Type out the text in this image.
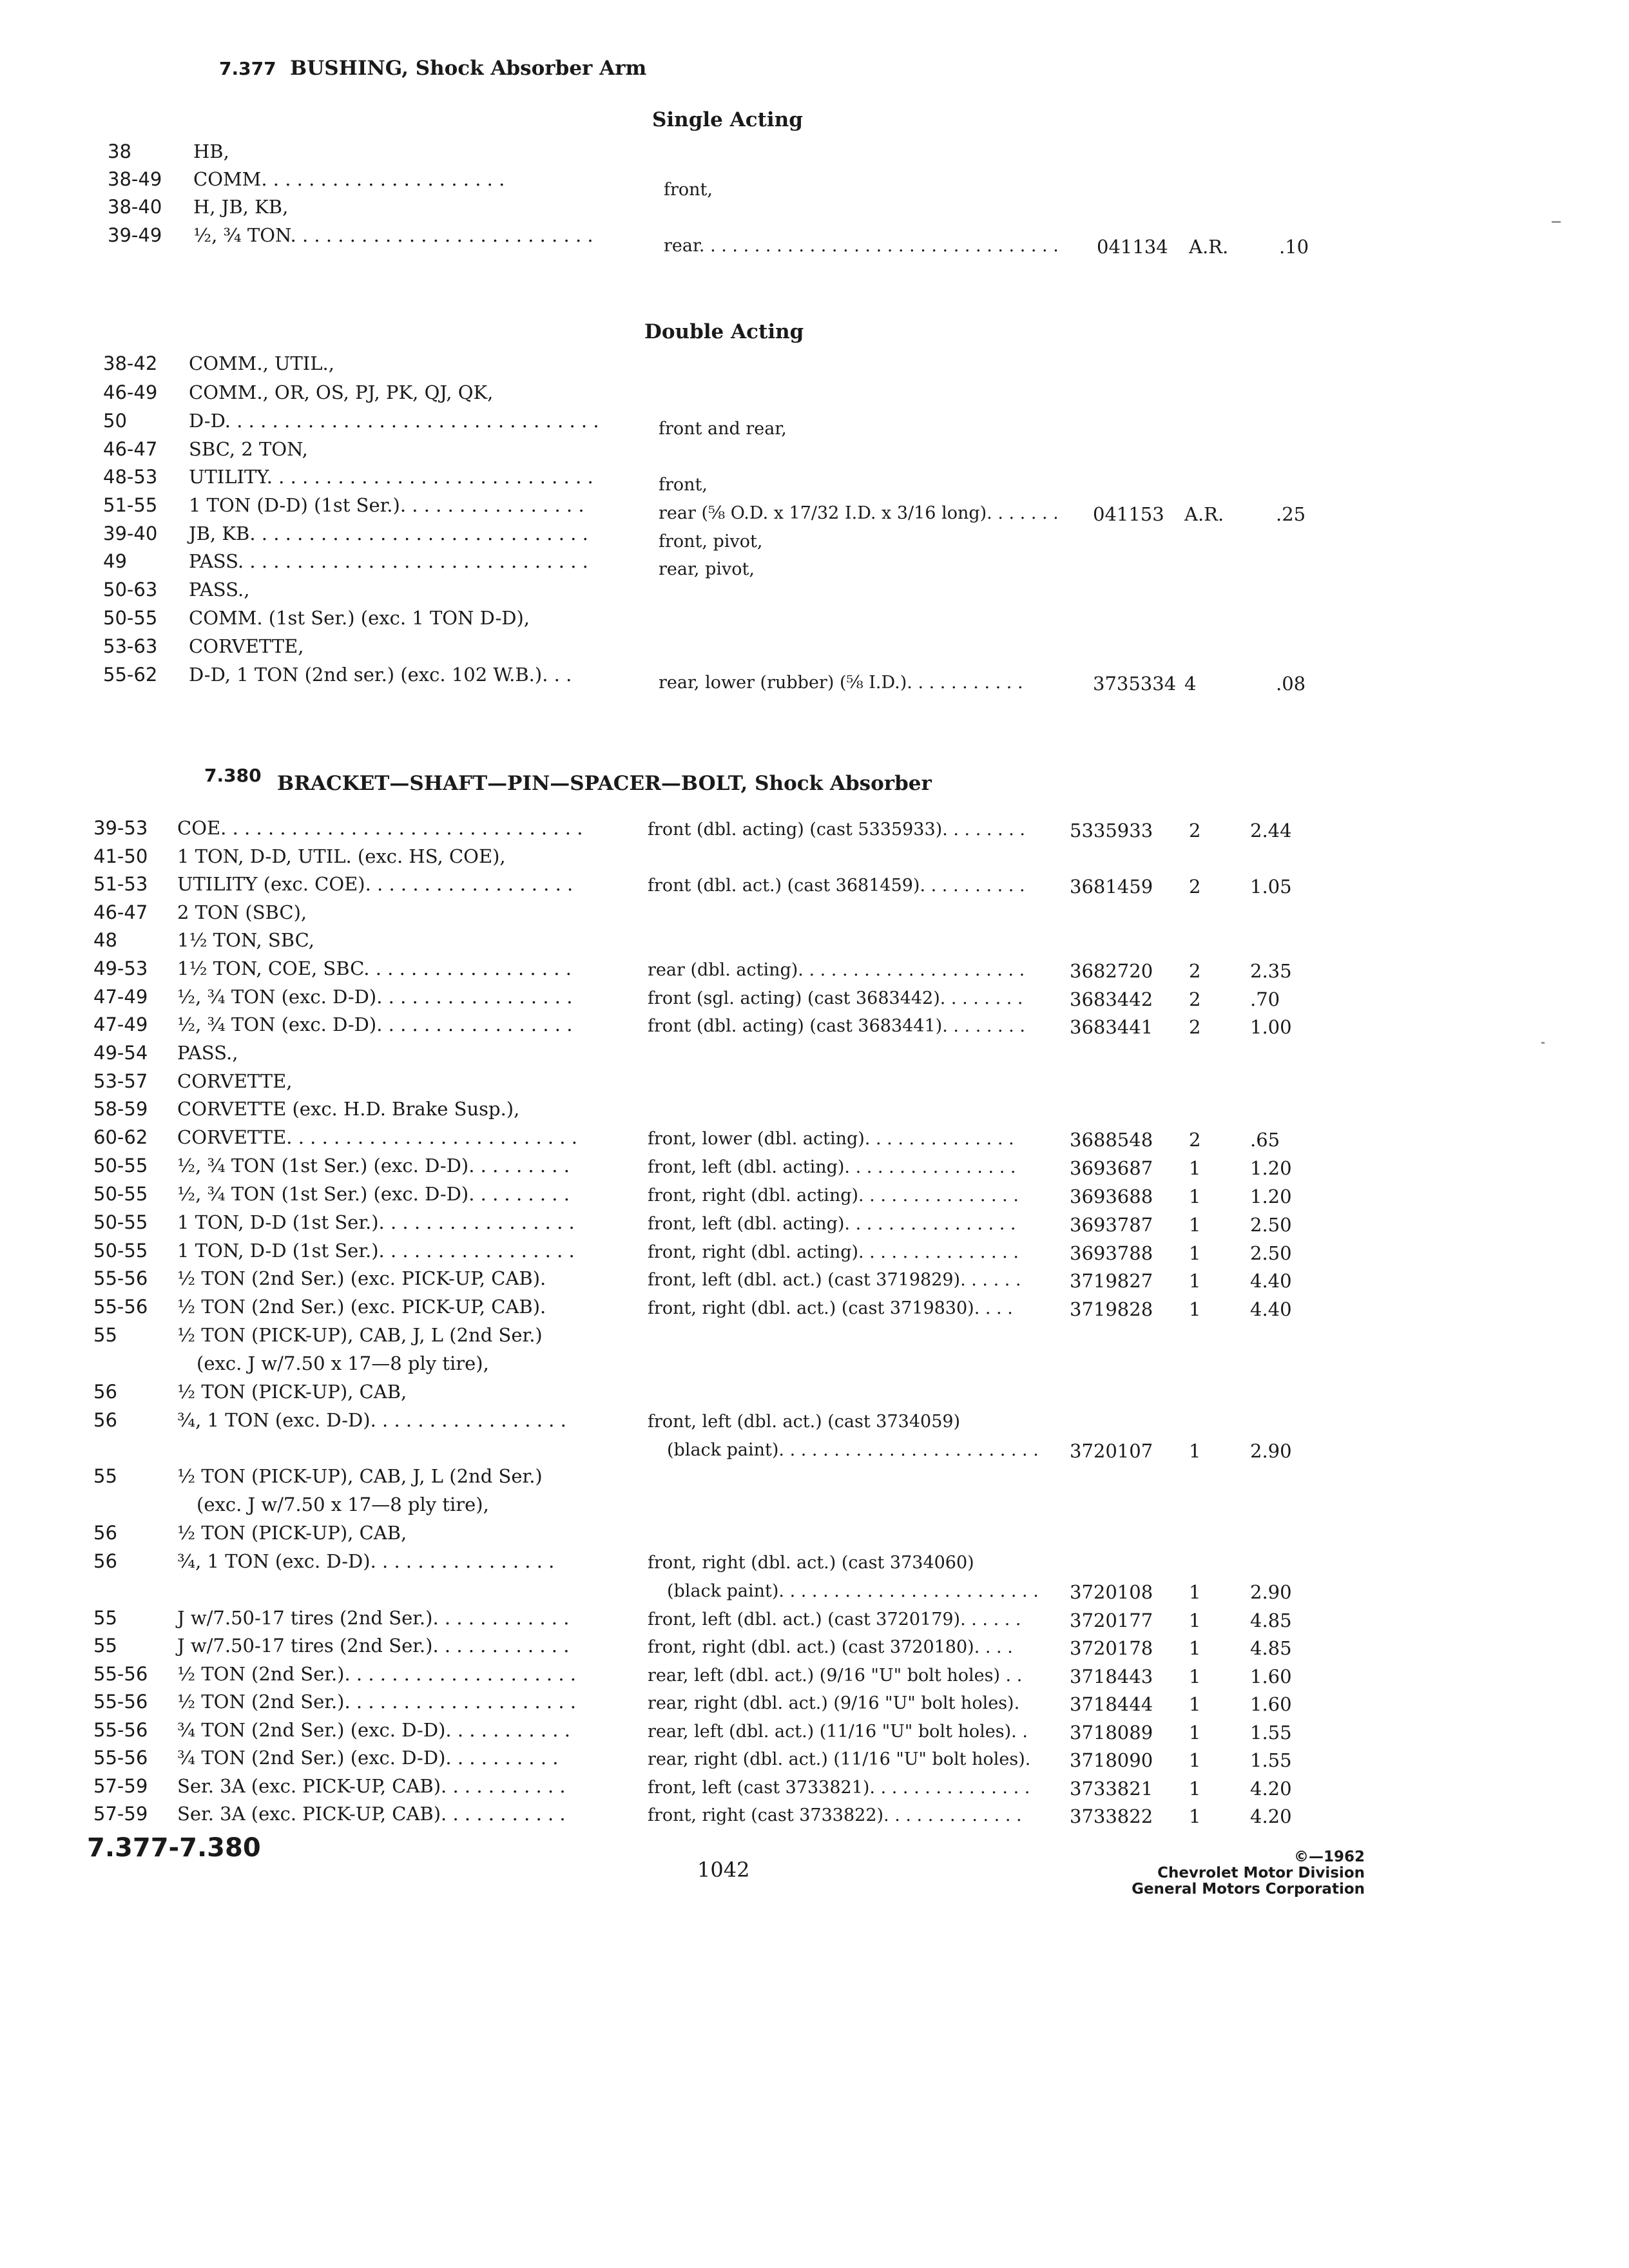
7.377 BUSHING, Shock Absorber Arm
Single Acting
38	HB,
38-49 COMM. . . . . . . . . . . . . . . . . . . . .	front,
38-40 H, JB, KB,
39-49 ½, ¾ TON. . . . . . . . . . . . . . . . . . . . . . . . . .	rear. . . . . . . . . . . . . . . . . . . . . . . . . . . . . . . . . 041134 A.R.	.10
Double Acting
38-42 COMM., UTIL.,
46-49 COMM., OR, OS, PJ, PK, QJ, QK,
50	D-D. . . . . . . . . . . . . . . . . . . . . . . . . . . . . . . .	front and rear,
46-47 SBC, 2 TON,
48-53 UTILITY. . . . . . . . . . . . . . . . . . . . . . . . . . . .	front,
51-55 1 TON (D-D) (1st Ser.). . . . . . . . . . . . . . . .	rear (⅝ O.D. x 17/32 I.D. x 3/16 long). . . . . . . 041153 A.R.	.25
39-40 JB, KB. . . . . . . . . . . . . . . . . . . . . . . . . . . . .	front, pivot,
49	PASS. . . . . . . . . . . . . . . . . . . . . . . . . . . . . .	rear, pivot,
50-63 PASS.,
50-55 COMM. (1st Ser.) (exc. 1 TON D-D),
53-63 CORVETTE,
55-62 D-D, 1 TON (2nd ser.) (exc. 102 W.B.). . .	rear, lower (rubber) (⅝ I.D.). . . . . . . . . . .	3735334 4	.08
7.380 BRACKET—SHAFT—PIN—SPACER—BOLT, Shock Absorber
39-53 COE. . . . . . . . . . . . . . . . . . . . . . . . . . . . . . .	front (dbl. acting) (cast 5335933). . . . . . . . 5335933 2	2.44
41-50 1 TON, D-D, UTIL. (exc. HS, COE),
51-53 UTILITY (exc. COE). . . . . . . . . . . . . . . . . .	front (dbl. act.) (cast 3681459). . . . . . . . . . 3681459 2	1.05
46-47 2 TON (SBC),
48	1½ TON, SBC,
49-53 1½ TON, COE, SBC. . . . . . . . . . . . . . . . . .	rear (dbl. acting). . . . . . . . . . . . . . . . . . . . . 3682720 2	2.35
47-49 ½, ¾ TON (exc. D-D). . . . . . . . . . . . . . . . .	front (sgl. acting) (cast 3683442). . . . . . . . 3683442 2	.70
47-49 ½, ¾ TON (exc. D-D). . . . . . . . . . . . . . . . .	front (dbl. acting) (cast 3683441). . . . . . . . 3683441 2	1.00
49-54 PASS.,
53-57 CORVETTE,
58-59 CORVETTE (exc. H.D. Brake Susp.),
60-62 CORVETTE. . . . . . . . . . . . . . . . . . . . . . . . .	front, lower (dbl. acting). . . . . . . . . . . . . .	3688548 2	.65
50-55 ½, ¾ TON (1st Ser.) (exc. D-D). . . . . . . . .	front, left (dbl. acting). . . . . . . . . . . . . . . .	3693687 1	1.20
50-55 ½, ¾ TON (1st Ser.) (exc. D-D). . . . . . . . .	front, right (dbl. acting). . . . . . . . . . . . . . .	3693688 1	1.20
50-55 1 TON, D-D (1st Ser.). . . . . . . . . . . . . . . . .	front, left (dbl. acting). . . . . . . . . . . . . . . .	3693787 1	2.50
50-55 1 TON, D-D (1st Ser.). . . . . . . . . . . . . . . . .	front, right (dbl. acting). . . . . . . . . . . . . . .	3693788 1	2.50
55-56 ½ TON (2nd Ser.) (exc. PICK-UP, CAB).	front, left (dbl. act.) (cast 3719829). . . . . .	3719827 1	4.40
55-56 ½ TON (2nd Ser.) (exc. PICK-UP, CAB).	front, right (dbl. act.) (cast 3719830). . . .	3719828 1	4.40
55	½ TON (PICK-UP), CAB, J, L (2nd Ser.)
(exc. J w/7.50 x 17—8 ply tire),
56	½ TON (PICK-UP), CAB,
56	¾, 1 TON (exc. D-D). . . . . . . . . . . . . . . . .	front, left (dbl. act.) (cast 3734059)
(black paint). . . . . . . . . . . . . . . . . . . . . . . . 3720107 1	2.90
55	½ TON (PICK-UP), CAB, J, L (2nd Ser.)
(exc. J w/7.50 x 17—8 ply tire),
56	½ TON (PICK-UP), CAB,
56	¾, 1 TON (exc. D-D). . . . . . . . . . . . . . . .	front, right (dbl. act.) (cast 3734060)
(black paint). . . . . . . . . . . . . . . . . . . . . . . . 3720108 1	2.90
55	J w/7.50-17 tires (2nd Ser.). . . . . . . . . . . .	front, left (dbl. act.) (cast 3720179). . . . . .	3720177 1	4.85
55	J w/7.50-17 tires (2nd Ser.). . . . . . . . . . . .	front, right (dbl. act.) (cast 3720180). . . .	3720178 1	4.85
55-56 ½ TON (2nd Ser.). . . . . . . . . . . . . . . . . . . .	rear, left (dbl. act.) (9/16 "U" bolt holes) . .	3718443 1	1.60
55-56 ½ TON (2nd Ser.). . . . . . . . . . . . . . . . . . . .	rear, right (dbl. act.) (9/16 "U" bolt holes).	3718444 1	1.60
55-56 ¾ TON (2nd Ser.) (exc. D-D). . . . . . . . . . .	rear, left (dbl. act.) (11/16 "U" bolt holes). . 3718089 1	1.55
55-56 ¾ TON (2nd Ser.) (exc. D-D). . . . . . . . . .	rear, right (dbl. act.) (11/16 "U" bolt holes). 3718090 1	1.55
57-59 Ser. 3A (exc. PICK-UP, CAB). . . . . . . . . . .	front, left (cast 3733821). . . . . . . . . . . . . . . 3733821 1	4.20
57-59 Ser. 3A (exc. PICK-UP, CAB). . . . . . . . . . .	front, right (cast 3733822). . . . . . . . . . . . .	3733822 1	4.20
7.377-7.380
1042
©—1962
Chevrolet Motor Division
General Motors Corporation
